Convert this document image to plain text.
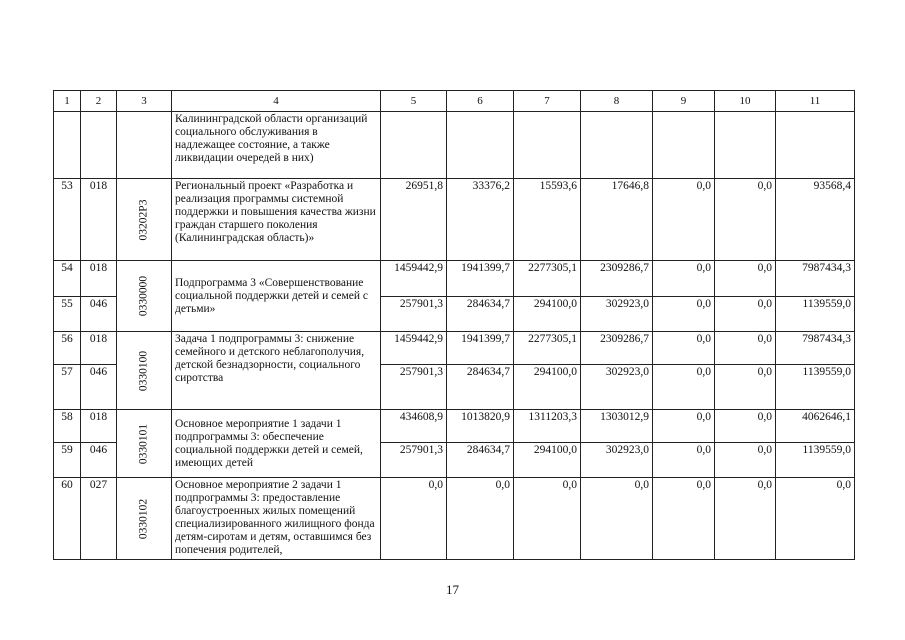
1	2	3	4	5	6	7	8	9	10	11
			Калининградской области организаций социального обслуживания в надлежащее состояние, а также ликвидации очередей в них)							
53	018	03202P3	Региональный проект «Разработка и реализация программы системной поддержки и повышения качества жизни граждан старшего поколения (Калининградская область)»	26951,8	33376,2	15593,6	17646,8	0,0	0,0	93568,4
54	018	0330000	Подпрограмма 3 «Совершенствование социальной поддержки детей и семей с детьми»	1459442,9	1941399,7	2277305,1	2309286,7	0,0	0,0	7987434,3
55	046			257901,3	284634,7	294100,0	302923,0	0,0	0,0	1139559,0
56	018	0330100	Задача 1 подпрограммы 3: снижение семейного и детского неблагополучия, детской безнадзорности, социального сиротства	1459442,9	1941399,7	2277305,1	2309286,7	0,0	0,0	7987434,3
57	046			257901,3	284634,7	294100,0	302923,0	0,0	0,0	1139559,0
58	018	0330101	Основное мероприятие 1 задачи 1 подпрограммы 3: обеспечение социальной поддержки детей и семей, имеющих детей	434608,9	1013820,9	1311203,3	1303012,9	0,0	0,0	4062646,1
59	046			257901,3	284634,7	294100,0	302923,0	0,0	0,0	1139559,0
60	027	0330102	Основное мероприятие 2 задачи 1 подпрограммы 3: предоставление благоустроенных жилых помещений специализированного жилищного фонда детям-сиротам и детям, оставшимся без попечения родителей,	0,0	0,0	0,0	0,0	0,0	0,0	0,0
17
